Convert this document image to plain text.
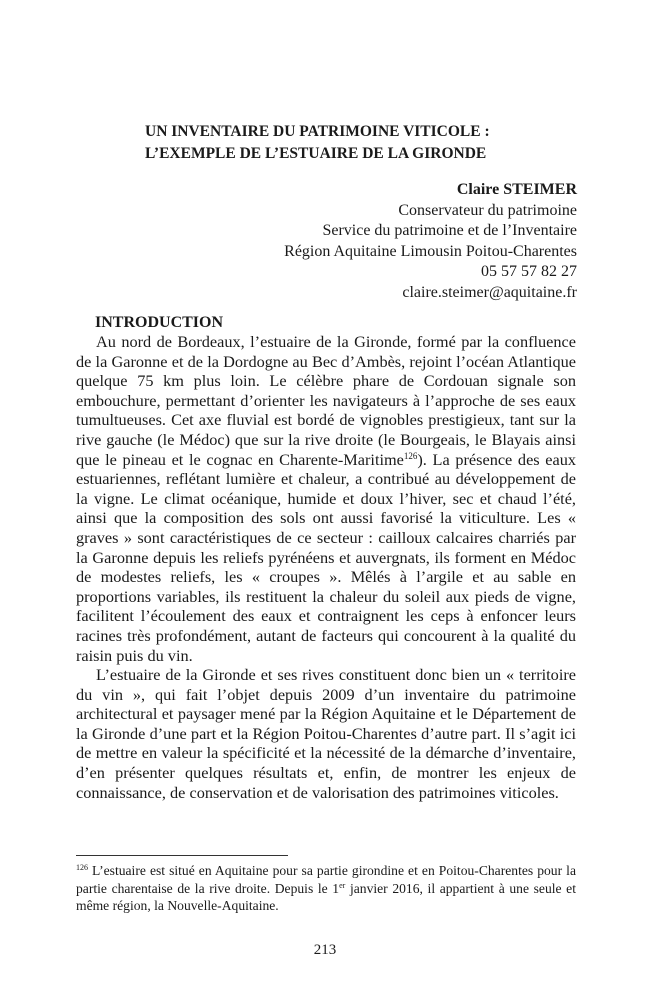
UN INVENTAIRE DU PATRIMOINE VITICOLE :
L’EXEMPLE DE L’ESTUAIRE DE LA GIRONDE
Claire STEIMER
Conservateur du patrimoine
Service du patrimoine et de l’Inventaire
Région Aquitaine Limousin Poitou-Charentes
05 57 57 82 27
claire.steimer@aquitaine.fr
INTRODUCTION

Au nord de Bordeaux, l’estuaire de la Gironde, formé par la confluence de la Garonne et de la Dordogne au Bec d’Ambès, rejoint l’océan Atlantique quelque 75 km plus loin. Le célèbre phare de Cordouan signale son embouchure, permettant d’orienter les navigateurs à l’approche de ses eaux tumultueuses. Cet axe fluvial est bordé de vignobles prestigieux, tant sur la rive gauche (le Médoc) que sur la rive droite (le Bourgeais, le Blayais ainsi que le pineau et le cognac en Charente-Maritime$^{126}$). La présence des eaux estuariennes, reflétant lumière et chaleur, a contribué au développement de la vigne. Le climat océanique, humide et doux l’hiver, sec et chaud l’été, ainsi que la composition des sols ont aussi favorisé la viticulture. Les « graves » sont caractéristiques de ce secteur : cailloux calcaires charriés par la Garonne depuis les reliefs pyrénéens et auvergnats, ils forment en Médoc de modestes reliefs, les « croupes ». Mêlés à l’argile et au sable en proportions variables, ils restituent la chaleur du soleil aux pieds de vigne, facilitent l’écoulement des eaux et contraignent les ceps à enfoncer leurs racines très profondément, autant de facteurs qui concourent à la qualité du raisin puis du vin.

L’estuaire de la Gironde et ses rives constituent donc bien un « territoire du vin », qui fait l’objet depuis 2009 d’un inventaire du patrimoine architectural et paysager mené par la Région Aquitaine et le Département de la Gironde d’une part et la Région Poitou-Charentes d’autre part. Il s’agit ici de mettre en valeur la spécificité et la nécessité de la démarche d’inventaire, d’en présenter quelques résultats et, enfin, de montrer les enjeux de connaissance, de conservation et de valorisation des patrimoines viticoles.

$^{126}$ L’estuaire est situé en Aquitaine pour sa partie girondine et en Poitou-Charentes pour la partie charentaise de la rive droite. Depuis le 1er janvier 2016, il appartient à une seule et même région, la Nouvelle-Aquitaine.

213
